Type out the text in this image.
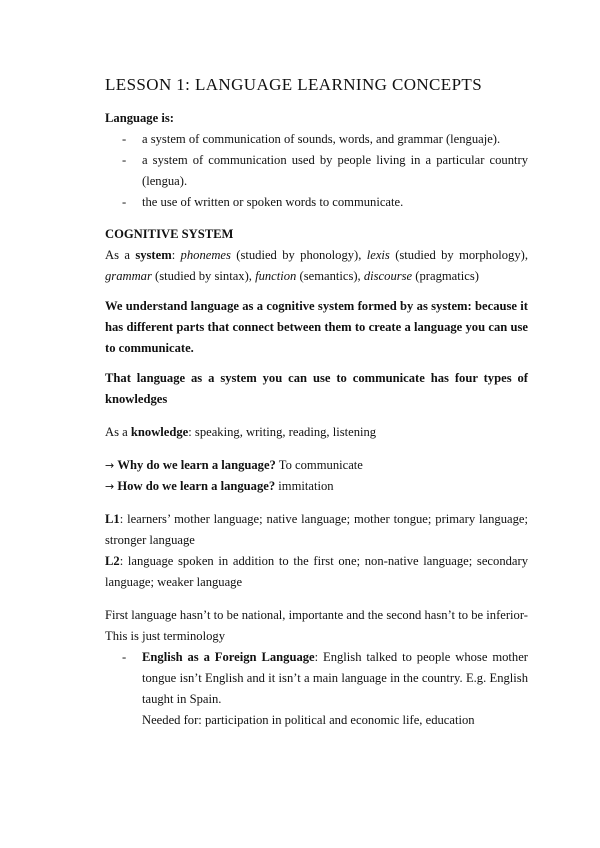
LESSON 1: LANGUAGE LEARNING CONCEPTS

Language is:

- a system of communication of sounds, words, and grammar (lenguaje).
- a system of communication used by people living in a particular country (lengua).
- the use of written or spoken words to communicate.

COGNITIVE SYSTEM

As a system: phonemes (studied by phonology), lexis (studied by morphology), grammar (studied by sintax), function (semantics), discourse (pragmatics)

We understand language as a cognitive system formed by as system: because it has different parts that connect between them to create a language you can use to communicate.

That language as a system you can use to communicate has four types of knowledges

As a knowledge: speaking, writing, reading, listening

→ Why do we learn a language? To communicate

→ How do we learn a language? immitation

L1: learners’ mother language; native language; mother tongue; primary language; stronger language

L2: language spoken in addition to the first one; non-native language; secondary language; weaker language

First language hasn’t to be national, importante and the second hasn’t to be inferior- This is just terminology

- English as a Foreign Language: English talked to people whose mother tongue isn’t English and it isn’t a main language in the country. E.g. English taught in Spain.

Needed for: participation in political and economic life, education
